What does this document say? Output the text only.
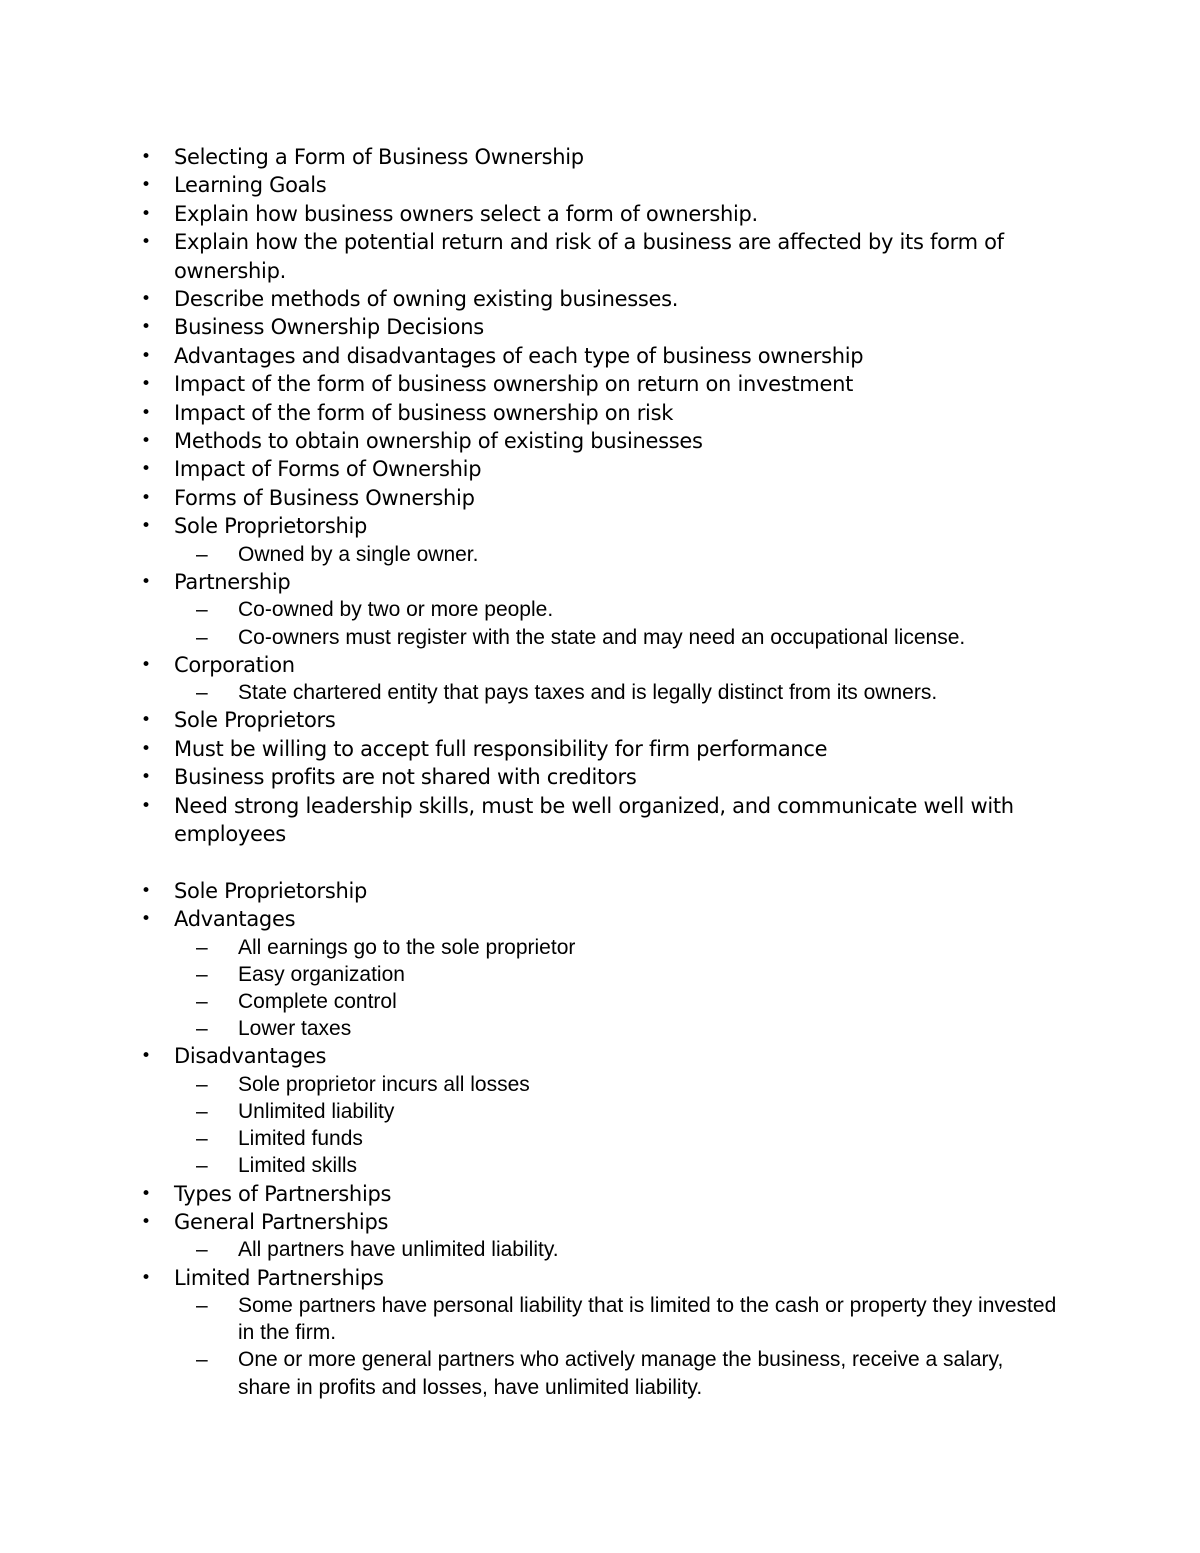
• Selecting a Form of Business Ownership
• Learning Goals
• Explain how business owners select a form of ownership.
• Explain how the potential return and risk of a business are affected by its form of ownership.
• Describe methods of owning existing businesses.
• Business Ownership Decisions
• Advantages and disadvantages of each type of business ownership
• Impact of the form of business ownership on return on investment
• Impact of the form of business ownership on risk
• Methods to obtain ownership of existing businesses
• Impact of Forms of Ownership
• Forms of Business Ownership
• Sole Proprietorship
– Owned by a single owner.
• Partnership
– Co-owned by two or more people.
– Co-owners must register with the state and may need an occupational license.
• Corporation
– State chartered entity that pays taxes and is legally distinct from its owners.
• Sole Proprietors
• Must be willing to accept full responsibility for firm performance
• Business profits are not shared with creditors
• Need strong leadership skills, must be well organized, and communicate well with employees
• Sole Proprietorship
• Advantages
– All earnings go to the sole proprietor
– Easy organization
– Complete control
– Lower taxes
• Disadvantages
– Sole proprietor incurs all losses
– Unlimited liability
– Limited funds
– Limited skills
• Types of Partnerships
• General Partnerships
– All partners have unlimited liability.
• Limited Partnerships
– Some partners have personal liability that is limited to the cash or property they invested in the firm.
– One or more general partners who actively manage the business, receive a salary, share in profits and losses, have unlimited liability.
